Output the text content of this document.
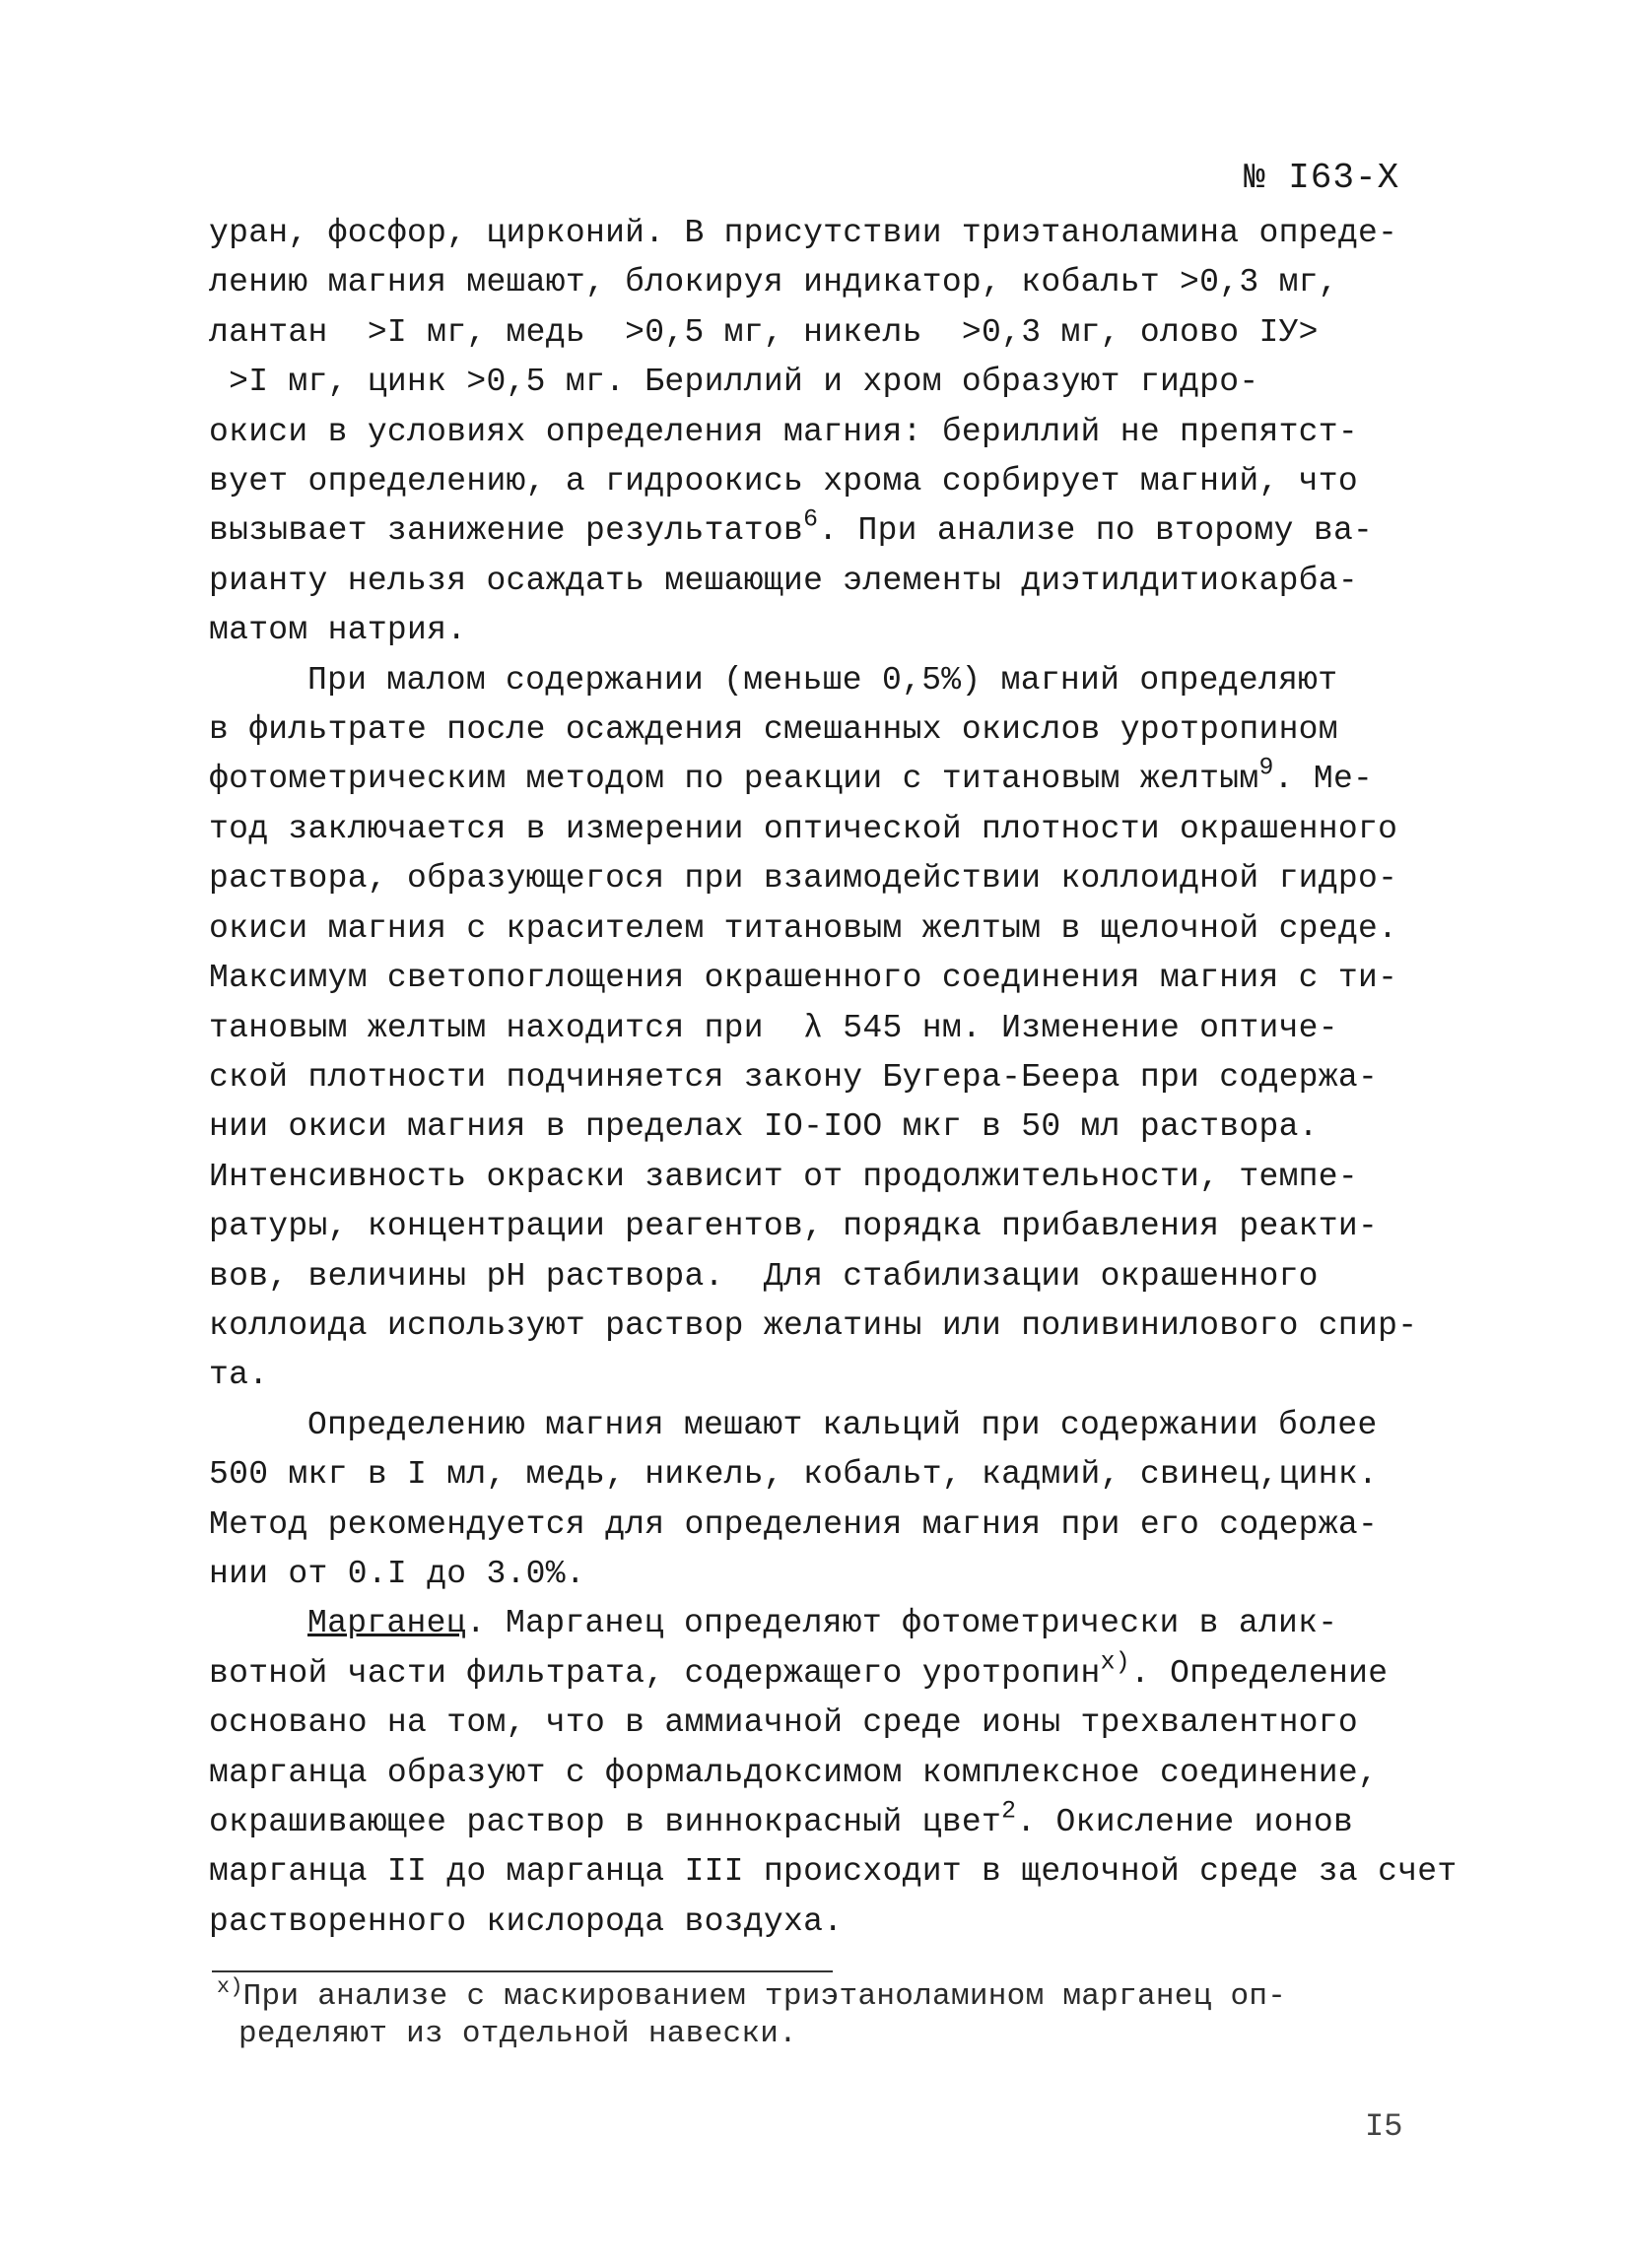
№ I63-X
уран, фосфор, цирконий. В присутствии триэтаноламина опреде-
лению магния мешают, блокируя индикатор, кобальт >0,3 мг,
лантан  >I мг, медь  >0,5 мг, никель  >0,3 мг, олово IУ>
>I мг, цинк >0,5 мг. Бериллий и хром образуют гидро-
окиси в условиях определения магния: бериллий не препятст-
вует определению, а гидроокись хрома сорбирует магний, что
вызывает занижение результатов$^6$. При анализе по второму ва-
рианту нельзя осаждать мешающие элементы диэтилдитиокарба-
матом натрия.
При малом содержании (меньше 0,5%) магний определяют
в фильтрате после осаждения смешанных окислов уротропином
фотометрическим методом по реакции с титановым желтым$^9$. Ме-
тод заключается в измерении оптической плотности окрашенного
раствора, образующегося при взаимодействии коллоидной гидро-
окиси магния с красителем титановым желтым в щелочной среде.
Максимум светопоглощения окрашенного соединения магния с ти-
тановым желтым находится при  λ 545 нм. Изменение оптиче-
ской плотности подчиняется закону Бугера-Беера при содержа-
нии окиси магния в пределах IO-IOO мкг в 50 мл раствора.
Интенсивность окраски зависит от продолжительности, темпе-
ратуры, концентрации реагентов, порядка прибавления реакти-
вов, величины pH раствора.  Для стабилизации окрашенного
коллоида используют раствор желатины или поливинилового спир-
та.
Определению магния мешают кальций при содержании более
500 мкг в I мл, медь, никель, кобальт, кадмий, свинец,цинк.
Метод рекомендуется для определения магния при его содержа-
нии от 0.I до 3.0%.
Марганец. Марганец определяют фотометрически в алик-
вотной части фильтрата, содержащего уротропин$^{x)}$. Определение
основано на том, что в аммиачной среде ионы трехвалентного
марганца образуют с формальдоксимом комплексное соединение,
окрашивающее раствор в виннокрасный цвет$^2$. Окисление ионов
марганца II до марганца III происходит в щелочной среде за счет
растворенного кислорода воздуха.
$^{x)}$При анализе с маскированием триэтаноламином марганец оп-
ределяют из отдельной навески.
I5
